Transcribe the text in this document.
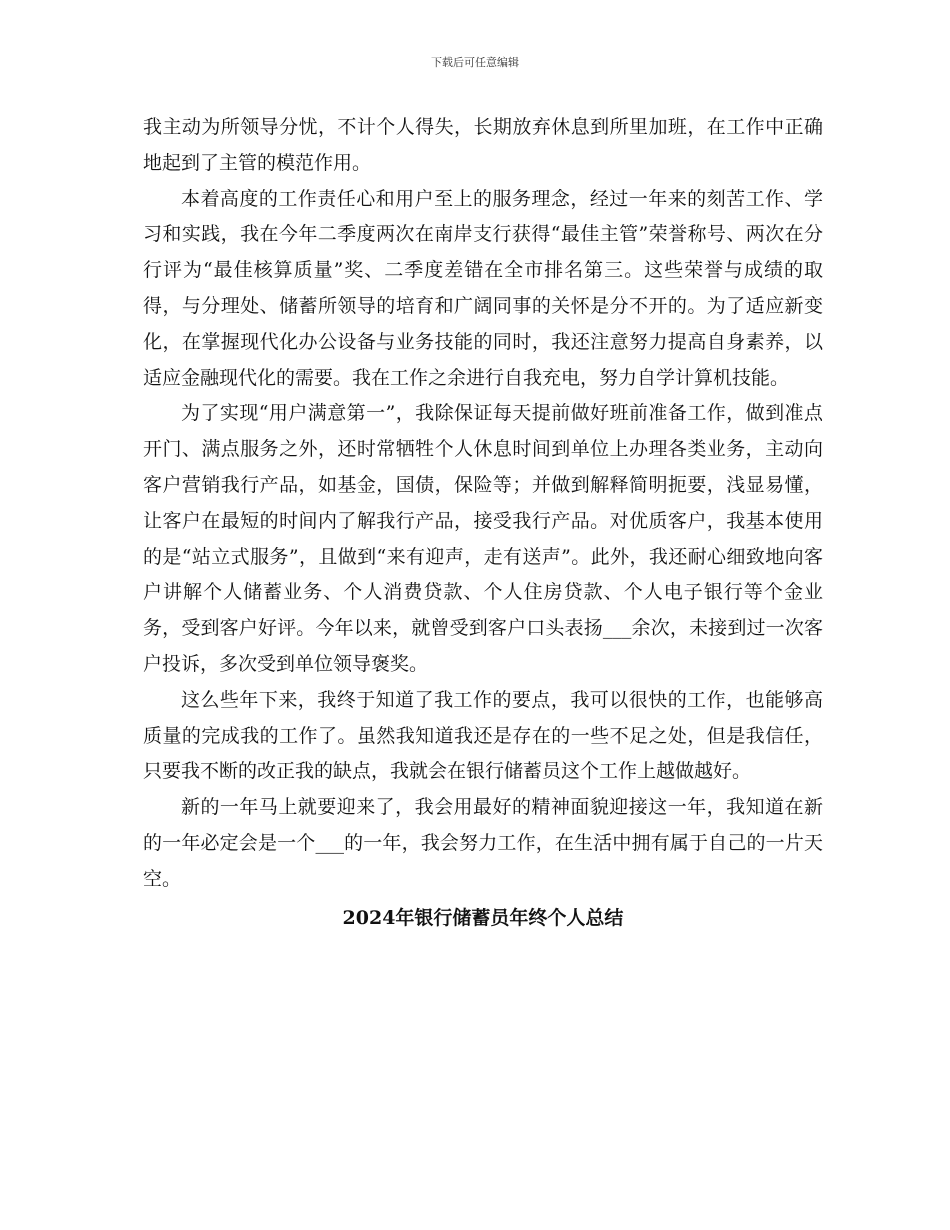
下载后可任意编辑

我主动为所领导分忧，不计个人得失，长期放弃休息到所里加班，在工作中正确地起到了主管的模范作用。

本着高度的工作责任心和用户至上的服务理念，经过一年来的刻苦工作、学习和实践，我在今年二季度两次在南岸支行获得“最佳主管”荣誉称号、两次在分行评为“最佳核算质量”奖、二季度差错在全市排名第三。这些荣誉与成绩的取得，与分理处、储蓄所领导的培育和广阔同事的关怀是分不开的。为了适应新变化，在掌握现代化办公设备与业务技能的同时，我还注意努力提高自身素养，以适应金融现代化的需要。我在工作之余进行自我充电，努力自学计算机技能。

为了实现“用户满意第一”，我除保证每天提前做好班前准备工作，做到准点开门、满点服务之外，还时常牺牲个人休息时间到单位上办理各类业务，主动向客户营销我行产品，如基金，国债，保险等；并做到解释简明扼要，浅显易懂，让客户在最短的时间内了解我行产品，接受我行产品。对优质客户，我基本使用的是“站立式服务”，且做到“来有迎声，走有送声”。此外，我还耐心细致地向客户讲解个人储蓄业务、个人消费贷款、个人住房贷款、个人电子银行等个金业务，受到客户好评。今年以来，就曾受到客户口头表扬___余次，未接到过一次客户投诉，多次受到单位领导褒奖。

这么些年下来，我终于知道了我工作的要点，我可以很快的工作，也能够高质量的完成我的工作了。虽然我知道我还是存在的一些不足之处，但是我信任，只要我不断的改正我的缺点，我就会在银行储蓄员这个工作上越做越好。

新的一年马上就要迎来了，我会用最好的精神面貌迎接这一年，我知道在新的一年必定会是一个___的一年，我会努力工作，在生活中拥有属于自己的一片天空。

2024年银行储蓄员年终个人总结
